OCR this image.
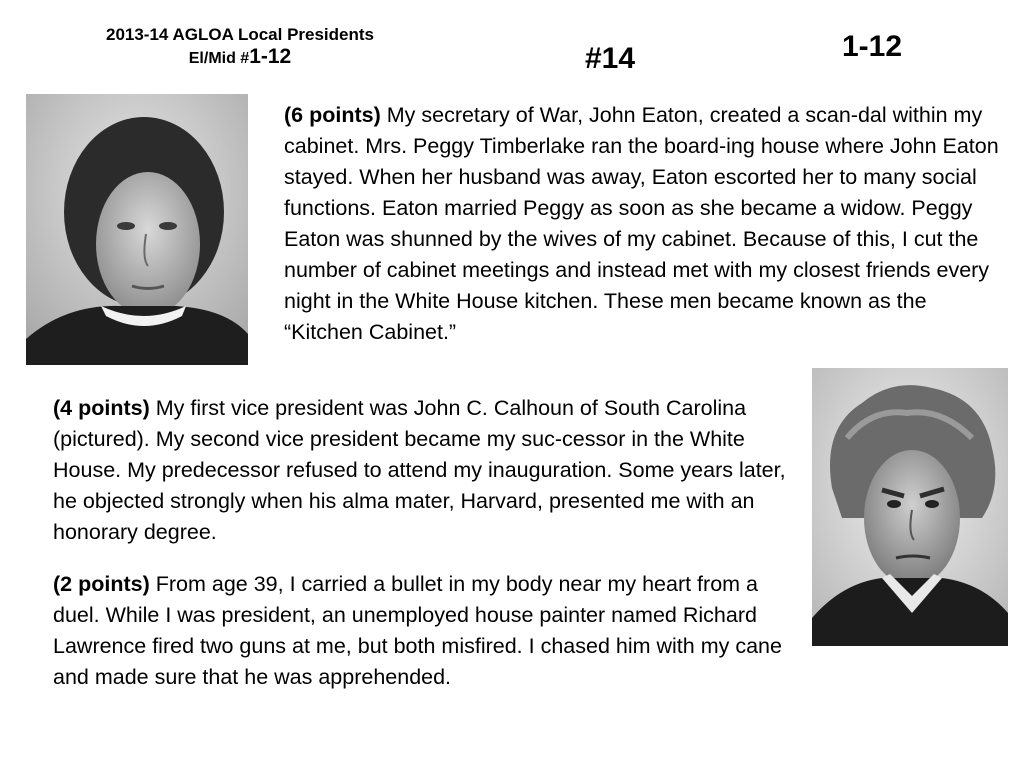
2013-14 AGLOA Local Presidents
El/Mid #1-12	#14	1-12
(6 points) My secretary of War, John Eaton, created a scan-dal within my cabinet. Mrs. Peggy Timberlake ran the board-ing house where John Eaton stayed. When her husband was away, Eaton escorted her to many social functions. Eaton married Peggy as soon as she became a widow. Peggy Eaton was shunned by the wives of my cabinet. Because of this, I cut the number of cabinet meetings and instead met with my closest friends every night in the White House kitchen. These men became known as the “Kitchen Cabinet.”
(4 points) My first vice president was John C. Calhoun of South Carolina (pictured). My second vice president became my suc-cessor in the White House. My predecessor refused to attend my inauguration. Some years later, he objected strongly when his alma mater, Harvard, presented me with an honorary degree.
(2 points) From age 39, I carried a bullet in my body near my heart from a duel. While I was president, an unemployed house painter named Richard Lawrence fired two guns at me, but both misfired. I chased him with my cane and made sure that he was apprehended.
